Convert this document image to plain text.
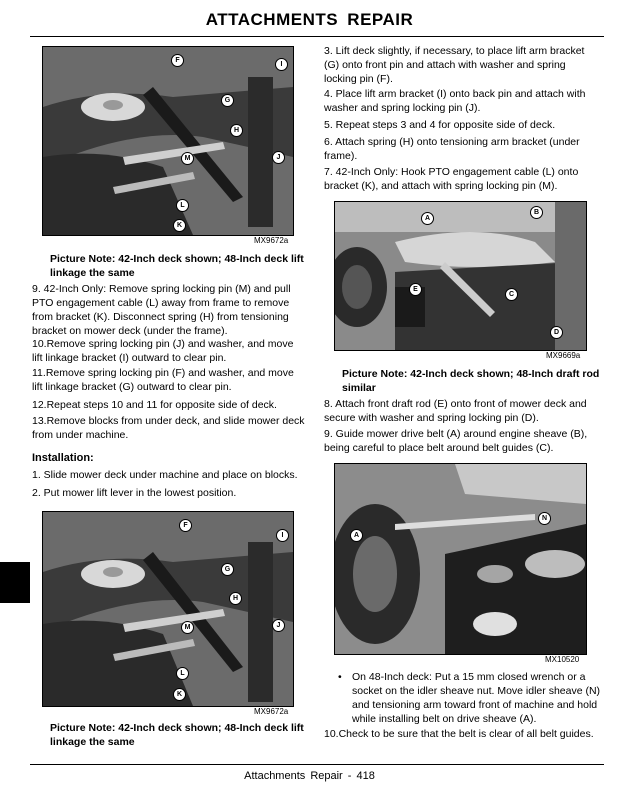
ATTACHMENTS REPAIR
F
I
G
H
M	J
L
K
MX9672a
Picture Note: 42-Inch deck shown; 48-Inch deck lift linkage the same
9. 42-Inch Only: Remove spring locking pin (M) and pull PTO engagement cable (L) away from frame to remove from bracket (K). Disconnect spring (H) from tensioning bracket on mower deck (under the frame).
10.Remove spring locking pin (J) and washer, and move lift linkage bracket (I) outward to clear pin.
11.Remove spring locking pin (F) and washer, and move lift linkage bracket (G) outward to clear pin.
12.Repeat steps 10 and 11 for opposite side of deck.
13.Remove blocks from under deck, and slide mower deck from under machine.
Installation:
1. Slide mower deck under machine and place on blocks.
2. Put mower lift lever in the lowest position.
F
I
G
H
M	J
L
K
MX9672a
Picture Note: 42-Inch deck shown; 48-Inch deck lift linkage the same
3. Lift deck slightly, if necessary, to place lift arm bracket (G) onto front pin and attach with washer and spring locking pin (F).
4. Place lift arm bracket (I) onto back pin and attach with washer and spring locking pin (J).
5. Repeat steps 3 and 4 for opposite side of deck.
6. Attach spring (H) onto tensioning arm bracket (under frame).
7. 42-Inch Only: Hook PTO engagement cable (L) onto bracket (K), and attach with spring locking pin (M).
A
B
E
C
D
MX9669a
Picture Note: 42-Inch deck shown; 48-Inch draft rod similar
8. Attach front draft rod (E) onto front of mower deck and secure with washer and spring locking pin (D).
9. Guide mower drive belt (A) around engine sheave (B), being careful to place belt around belt guides (C).
N
A
MX10520
• On 48-Inch deck: Put a 15 mm closed wrench or a socket on the idler sheave nut. Move idler sheave (N) and tensioning arm toward front of machine and hold while installing belt on drive sheave (A).
10.Check to be sure that the belt is clear of all belt guides.
Attachments Repair - 418
